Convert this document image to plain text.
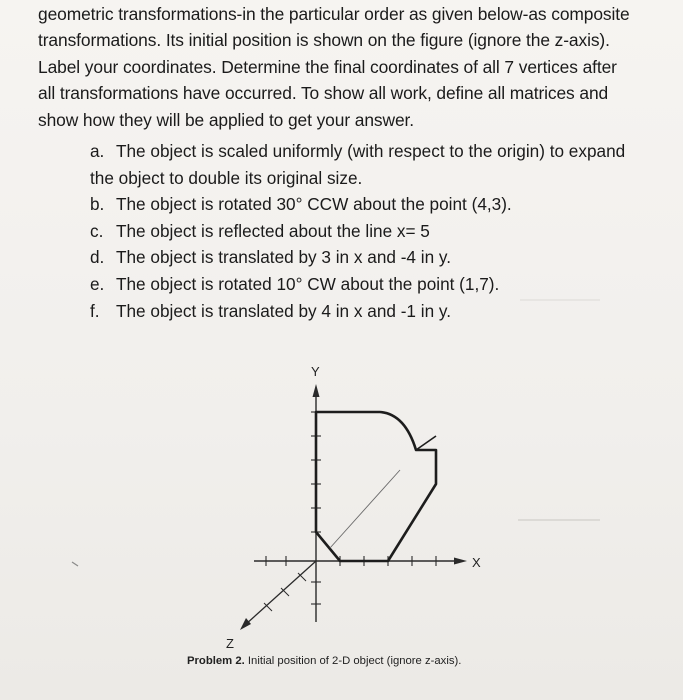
geometric transformations-in the particular order as given below-as composite
transformations. Its initial position is shown on the figure (ignore the z-axis).
Label your coordinates. Determine the final coordinates of all 7 vertices after
all transformations have occurred. To show all work, define all matrices and
show how they will be applied to get your answer.
a. The object is scaled uniformly (with respect to the origin) to expand
the object to double its original size.
b. The object is rotated 30° CCW about the point (4,3).
c. The object is reflected about the line x= 5
d. The object is translated by 3 in x and -4 in y.
e. The object is rotated 10° CW about the point (1,7).
f. The object is translated by 4 in x and -1 in y.
Y
X
Z
Problem 2. Initial position of 2-D object (ignore z-axis).
